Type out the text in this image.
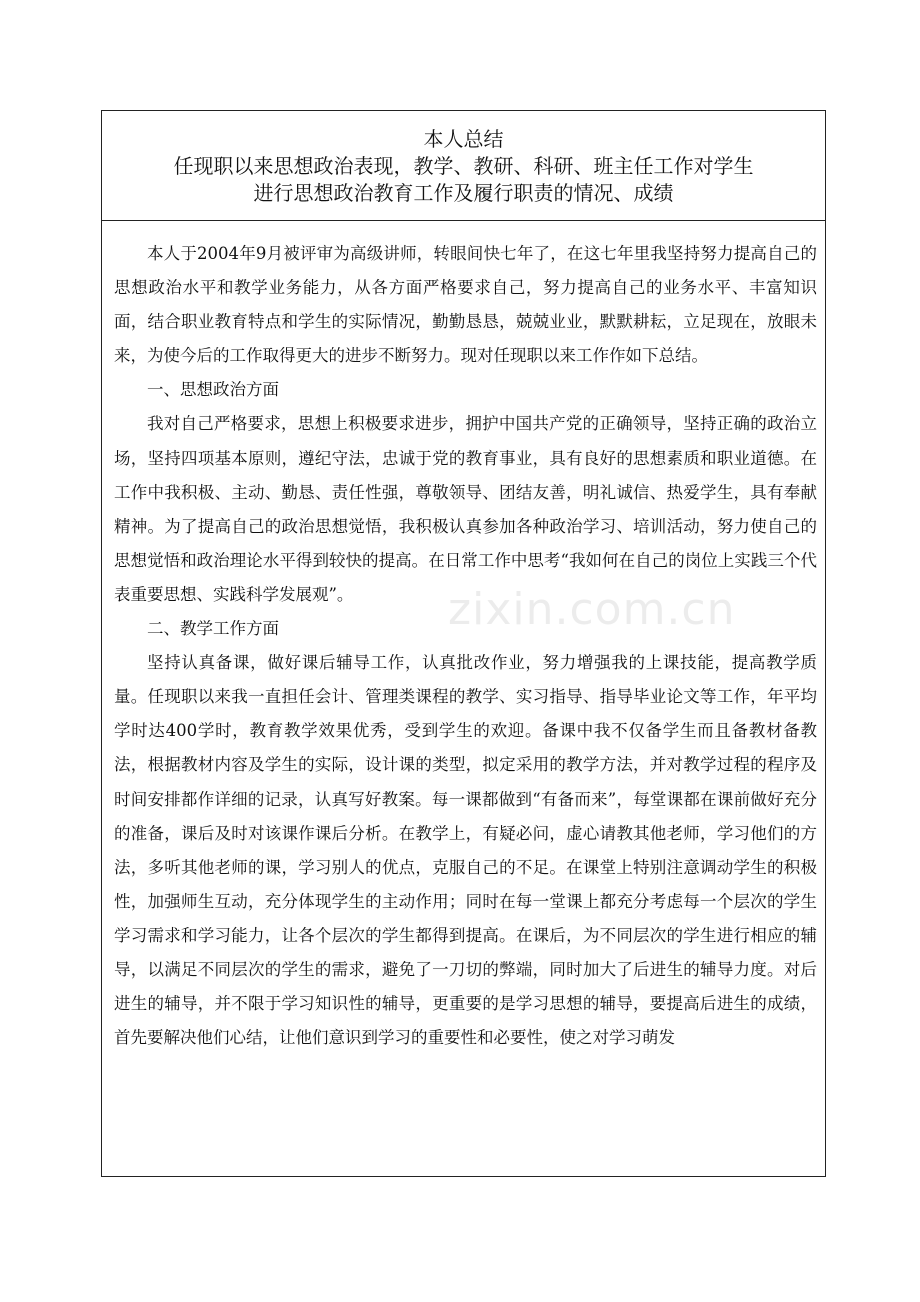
本人总结
任现职以来思想政治表现，教学、教研、科研、班主任工作对学生
进行思想政治教育工作及履行职责的情况、成绩

本人于2004年9月被评审为高级讲师，转眼间快七年了，在这七年里我坚持努力提高自己的思想政治水平和教学业务能力，从各方面严格要求自己，努力提高自己的业务水平、丰富知识面，结合职业教育特点和学生的实际情况，勤勤恳恳，兢兢业业，默默耕耘，立足现在，放眼未来，为使今后的工作取得更大的进步不断努力。现对任现职以来工作作如下总结。

一、思想政治方面

我对自己严格要求，思想上积极要求进步，拥护中国共产党的正确领导，坚持正确的政治立场，坚持四项基本原则，遵纪守法，忠诚于党的教育事业，具有良好的思想素质和职业道德。在工作中我积极、主动、勤恳、责任性强，尊敬领导、团结友善，明礼诚信、热爱学生，具有奉献精神。为了提高自己的政治思想觉悟，我积极认真参加各种政治学习、培训活动，努力使自己的思想觉悟和政治理论水平得到较快的提高。在日常工作中思考“我如何在自己的岗位上实践三个代表重要思想、实践科学发展观”。

二、教学工作方面

坚持认真备课，做好课后辅导工作，认真批改作业，努力增强我的上课技能，提高教学质量。任现职以来我一直担任会计、管理类课程的教学、实习指导、指导毕业论文等工作，年平均学时达400学时，教育教学效果优秀，受到学生的欢迎。备课中我不仅备学生而且备教材备教法，根据教材内容及学生的实际，设计课的类型，拟定采用的教学方法，并对教学过程的程序及时间安排都作详细的记录，认真写好教案。每一课都做到“有备而来”，每堂课都在课前做好充分的准备，课后及时对该课作课后分析。在教学上，有疑必问，虚心请教其他老师，学习他们的方法，多听其他老师的课，学习别人的优点，克服自己的不足。在课堂上特别注意调动学生的积极性，加强师生互动，充分体现学生的主动作用；同时在每一堂课上都充分考虑每一个层次的学生学习需求和学习能力，让各个层次的学生都得到提高。在课后，为不同层次的学生进行相应的辅导，以满足不同层次的学生的需求，避免了一刀切的弊端，同时加大了后进生的辅导力度。对后进生的辅导，并不限于学习知识性的辅导，更重要的是学习思想的辅导，要提高后进生的成绩，首先要解决他们心结，让他们意识到学习的重要性和必要性，使之对学习萌发

zixin.com.cn
